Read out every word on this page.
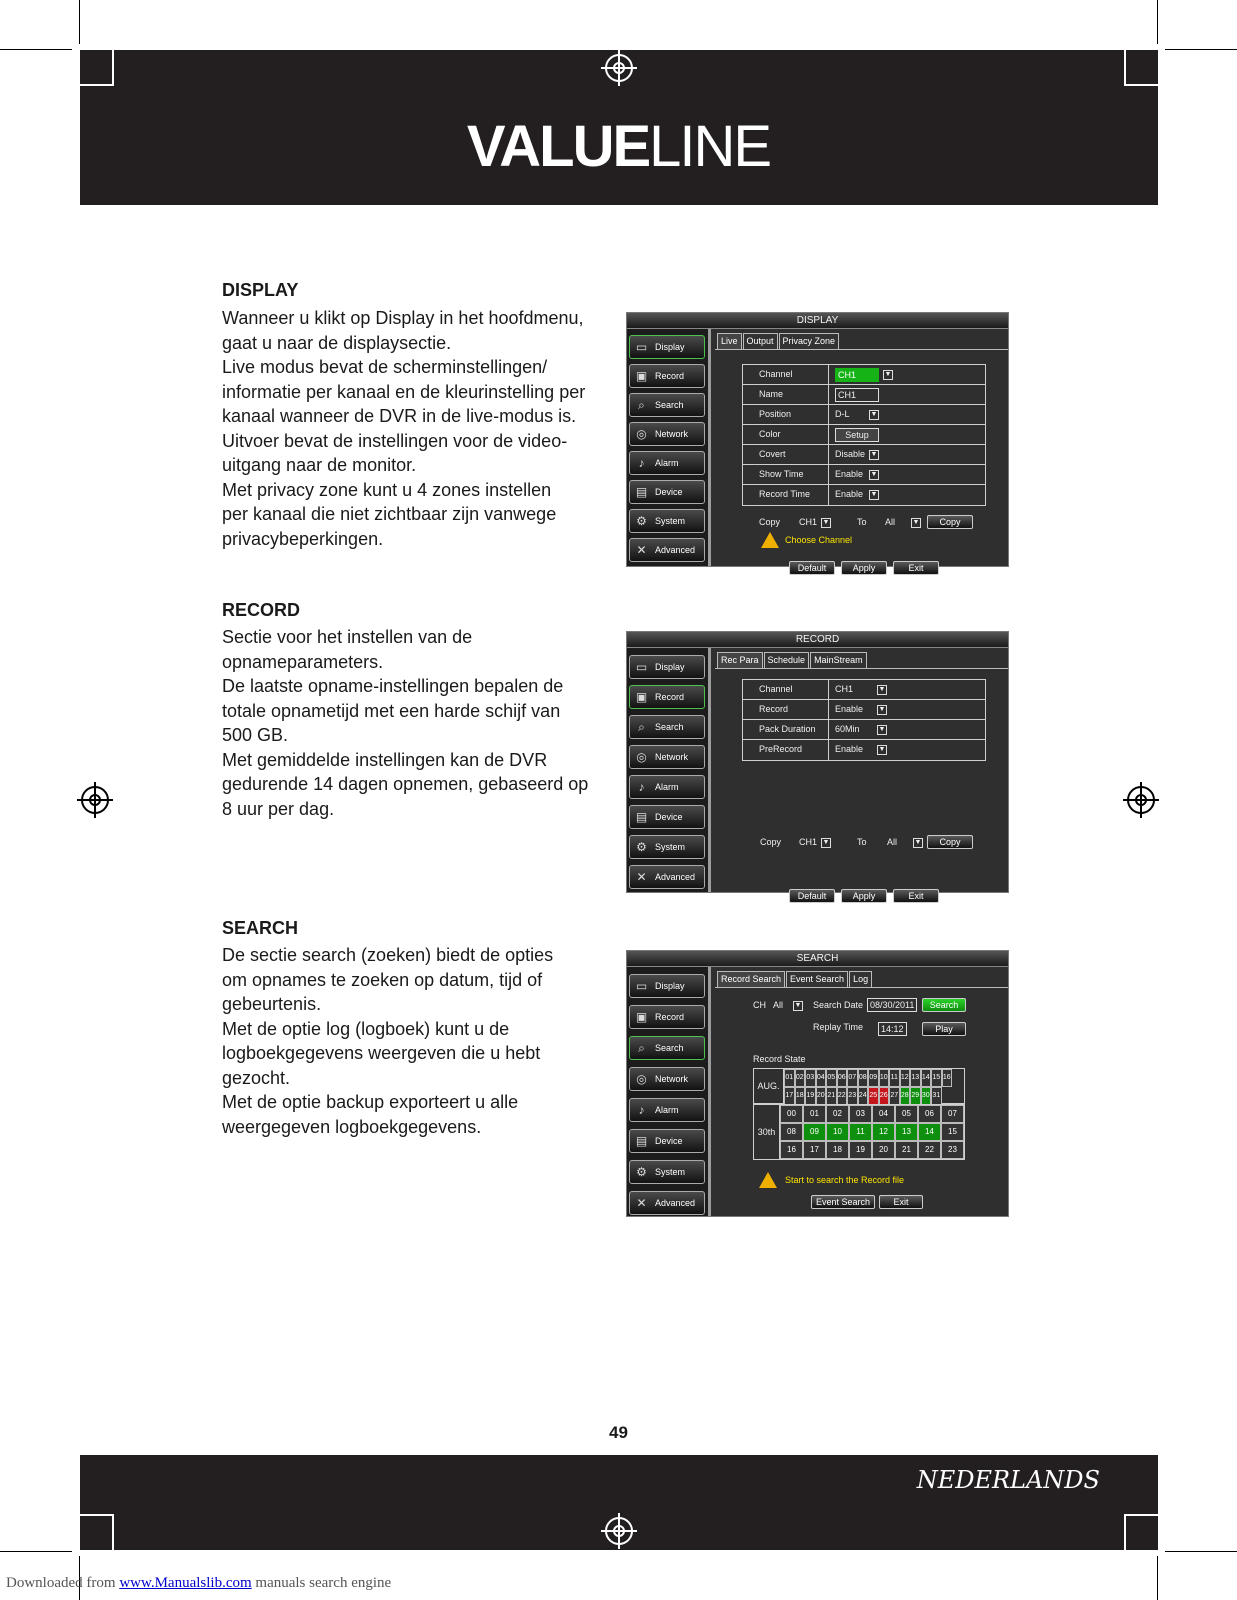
VALUELINE
DISPLAY

Wanneer u klikt op Display in het hoofdmenu,

gaat u naar de displaysectie.

Live modus bevat de scherminstellingen/

informatie per kanaal en de kleurinstelling per

kanaal wanneer de DVR in de live-modus is.

Uitvoer bevat de instellingen voor de video-

uitgang naar de monitor.

Met privacy zone kunt u 4 zones instellen

per kanaal die niet zichtbaar zijn vanwege

privacybeperkingen.

DISPLAY
▭ Display
▣ Record
⌕	Search
◎ Network
♪	Alarm
▤ Device
⚙ System
✕ Advanced
Live	Output	Privacy Zone
Channel	CH1	▼
Name	CH1
Position	D-L	▼
Color	Setup
Covert	Disable ▼
Show Time	Enable ▼
Record Time	Enable ▼
Copy CH1 ▼	To All	▼	Copy
Choose Channel
Default	Apply	Exit
RECORD

Sectie voor het instellen van de

opnameparameters.

De laatste opname-instellingen bepalen de

totale opnametijd met een harde schijf van

500 GB.

Met gemiddelde instellingen kan de DVR

gedurende 14 dagen opnemen, gebaseerd op

8 uur per dag.

RECORD
▭ Display
▣ Record
⌕	Search
◎ Network
♪	Alarm
▤ Device
⚙ System
✕ Advanced
Rec Para	Schedule	MainStream
Channel	CH1	▼
Record	Enable ▼
Pack Duration	60Min	▼
PreRecord	Enable ▼
Copy CH1 ▼	To All	▼	Copy
Default	Apply	Exit
SEARCH

De sectie search (zoeken) biedt de opties

om opnames te zoeken op datum, tijd of

gebeurtenis.

Met de optie log (logboek) kunt u de

logboekgegevens weergeven die u hebt

gezocht.

Met de optie backup exporteert u alle

weergegeven logboekgegevens.

SEARCH
▭ Display
▣ Record
⌕	Search
◎ Network
♪	Alarm
▤ Device
⚙ System
✕ Advanced
Record Search	Event Search	Log
CH All ▼ Search Date 08/30/2011	Search
Replay Time	14:12	Play
Record State
AUG.
01 02 03 04 05 06 07 08 09 10 11 12 13 14 15 16
17 18 19 20 21 22 23 24 25 26 27 28 29 30 31
30th
00	01	02	03	04	05	06	07
08	09	10	11	12	13	14	15
16	17	18	19	20	21	22	23
Start to search the Record file
Event Search	Exit
49
NEDERLANDS
Downloaded from www.Manualslib.com manuals search engine
